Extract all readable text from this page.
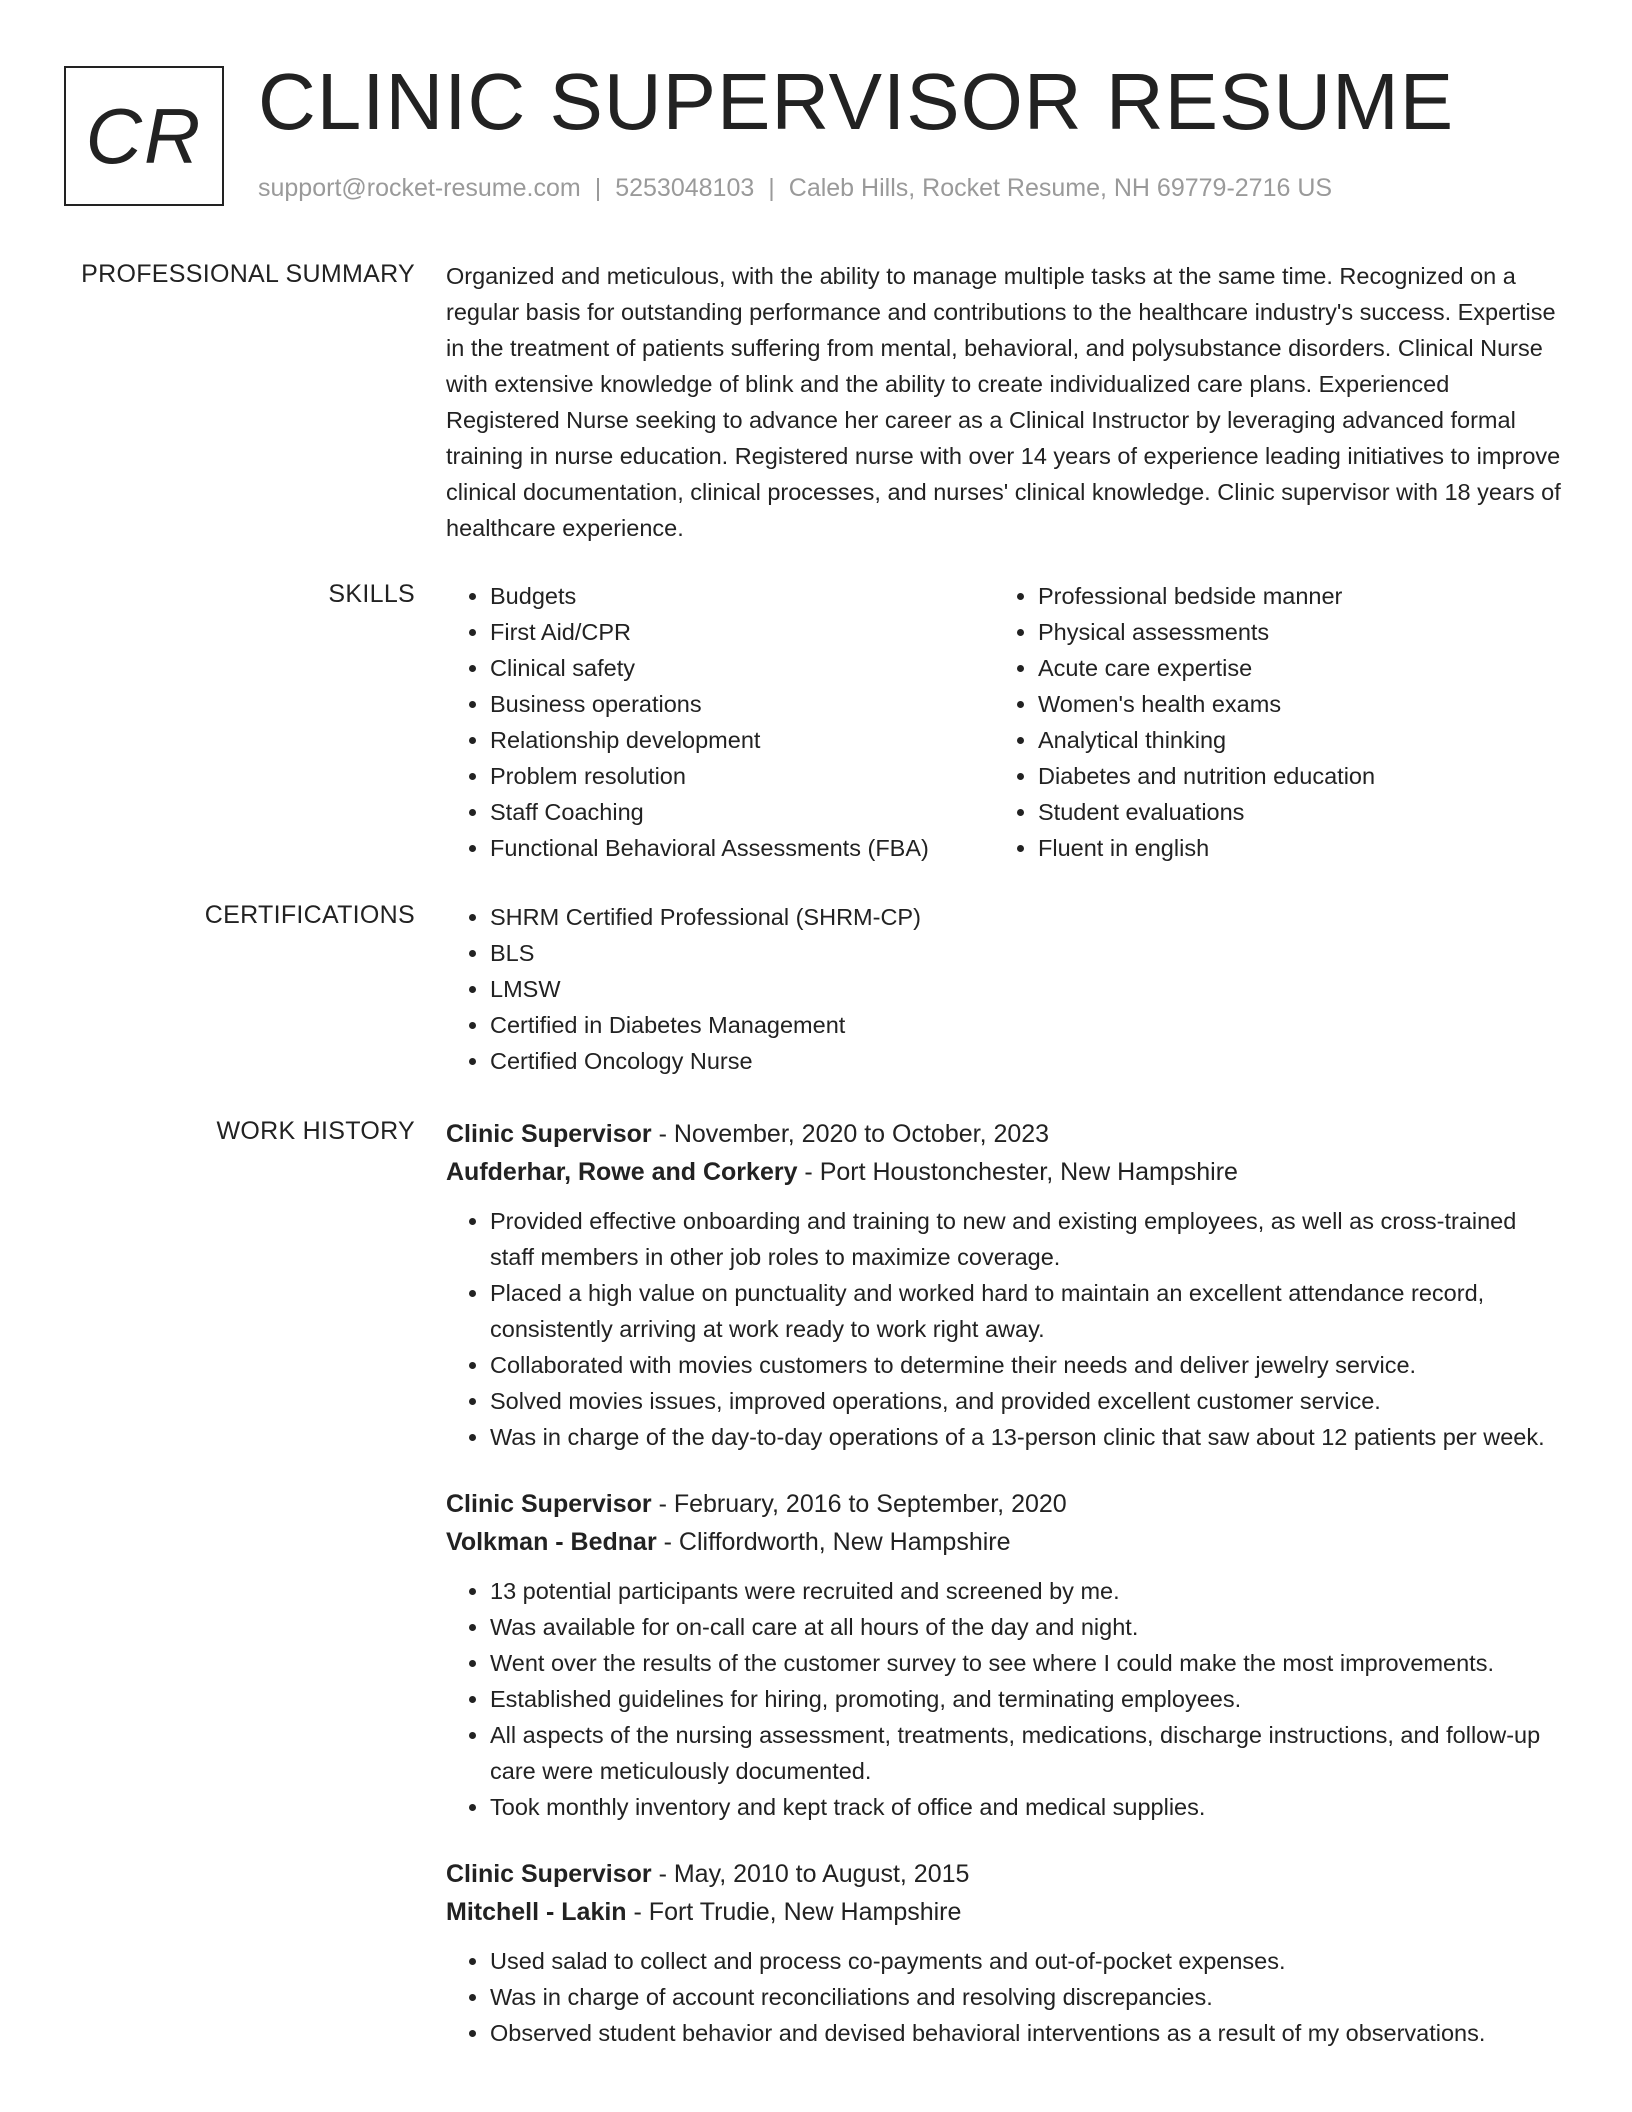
CR CLINIC SUPERVISOR RESUME
support@rocket-resume.com | 5253048103 | Caleb Hills, Rocket Resume, NH 69779-2716 US
PROFESSIONAL SUMMARY Organized and meticulous, with the ability to manage multiple tasks at the same time. Recognized on a regular basis for outstanding performance and contributions to the healthcare industry's success. Expertise in the treatment of patients suffering from mental, behavioral, and polysubstance disorders. Clinical Nurse with extensive knowledge of blink and the ability to create individualized care plans. Experienced Registered Nurse seeking to advance her career as a Clinical Instructor by leveraging advanced formal training in nurse education. Registered nurse with over 14 years of experience leading initiatives to improve clinical documentation, clinical processes, and nurses' clinical knowledge. Clinic supervisor with 18 years of healthcare experience.

SKILLS	• Budgets
• First Aid/CPR
• Clinical safety
• Business operations
• Relationship development
• Problem resolution
• Staff Coaching
• Functional Behavioral Assessments (FBA)
• Professional bedside manner
• Physical assessments
• Acute care expertise
• Women's health exams
• Analytical thinking
• Diabetes and nutrition education
• Student evaluations
• Fluent in english
CERTIFICATIONS	• SHRM Certified Professional (SHRM-CP)
• BLS
• LMSW
• Certified in Diabetes Management
• Certified Oncology Nurse
WORK HISTORY Clinic Supervisor - November, 2020 to October, 2023
Aufderhar, Rowe and Corkery - Port Houstonchester, New Hampshire
• Provided effective onboarding and training to new and existing employees, as well as cross-trained staff members in other job roles to maximize coverage.
• Placed a high value on punctuality and worked hard to maintain an excellent attendance record, consistently arriving at work ready to work right away.
• Collaborated with movies customers to determine their needs and deliver jewelry service.
• Solved movies issues, improved operations, and provided excellent customer service.
• Was in charge of the day-to-day operations of a 13-person clinic that saw about 12 patients per week.
Clinic Supervisor - February, 2016 to September, 2020
Volkman - Bednar - Cliffordworth, New Hampshire
• 13 potential participants were recruited and screened by me.
• Was available for on-call care at all hours of the day and night.
• Went over the results of the customer survey to see where I could make the most improvements.
• Established guidelines for hiring, promoting, and terminating employees.
• All aspects of the nursing assessment, treatments, medications, discharge instructions, and follow-up care were meticulously documented.
• Took monthly inventory and kept track of office and medical supplies.
Clinic Supervisor - May, 2010 to August, 2015
Mitchell - Lakin - Fort Trudie, New Hampshire
• Used salad to collect and process co-payments and out-of-pocket expenses.
• Was in charge of account reconciliations and resolving discrepancies.
• Observed student behavior and devised behavioral interventions as a result of my observations.
